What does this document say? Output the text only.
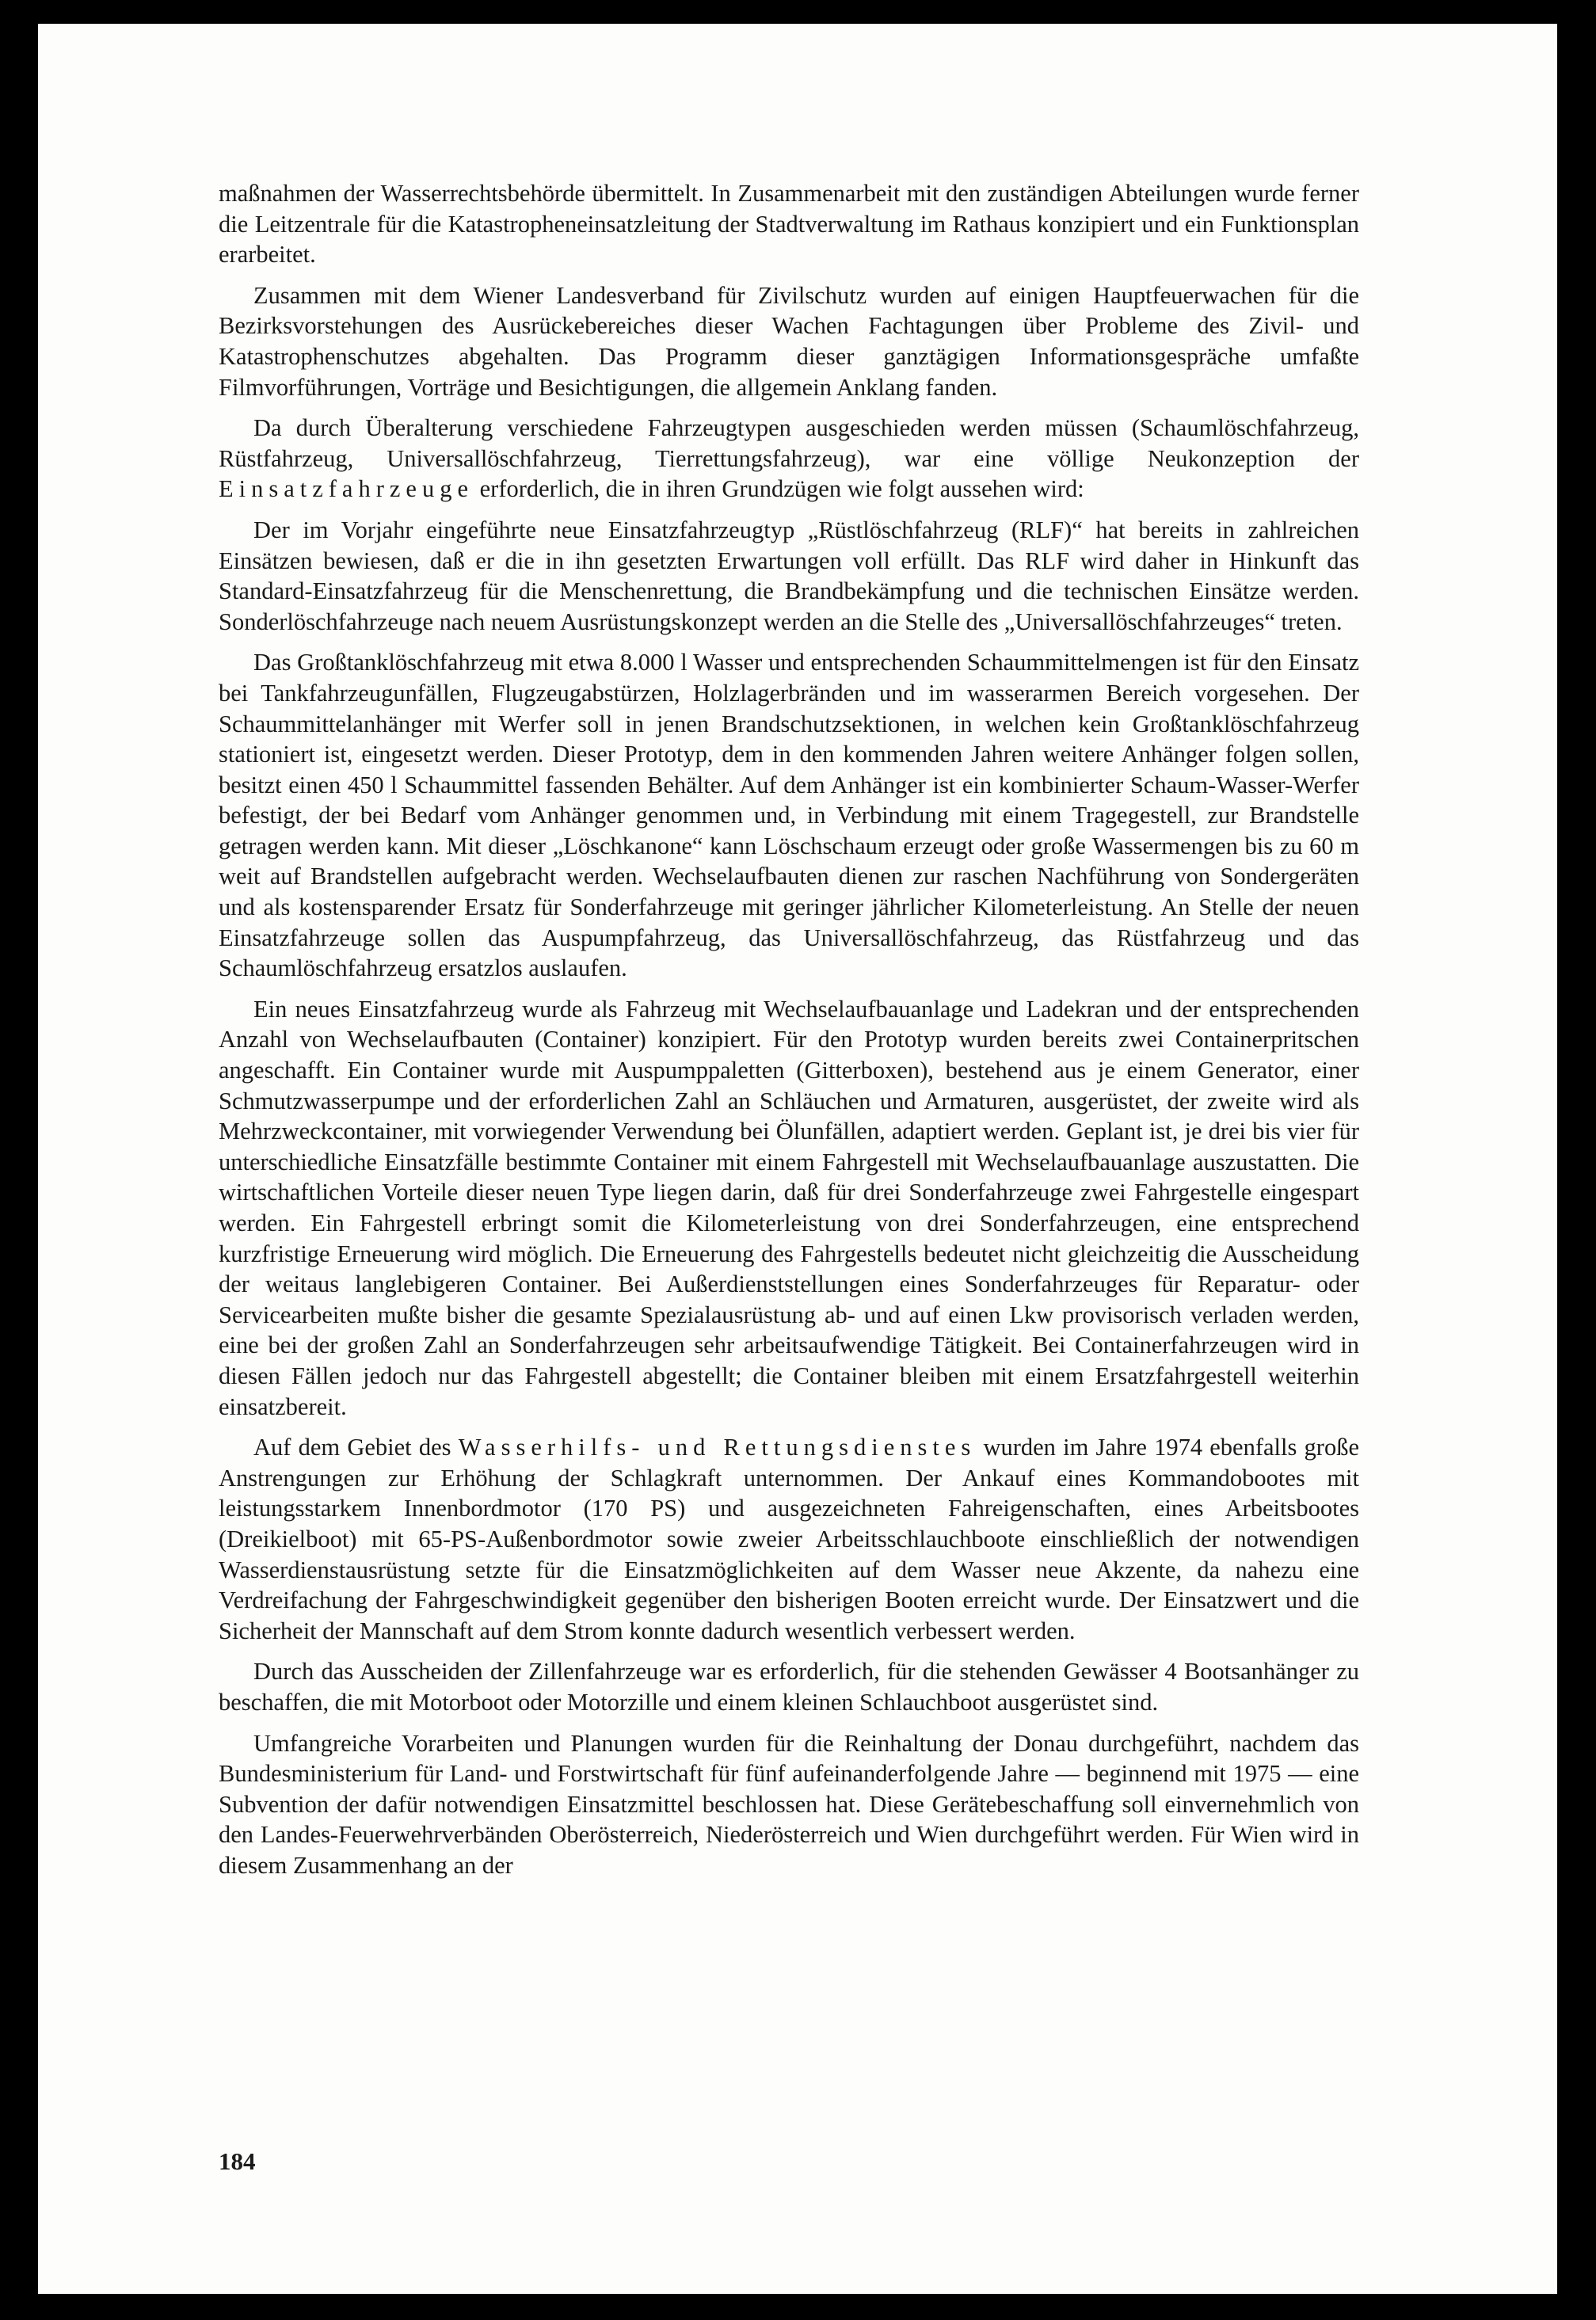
maßnahmen der Wasserrechtsbehörde übermittelt. In Zusammenarbeit mit den zuständigen Abteilungen wurde ferner die Leitzentrale für die Katastropheneinsatzleitung der Stadtverwaltung im Rathaus konzipiert und ein Funktionsplan erarbeitet.

Zusammen mit dem Wiener Landesverband für Zivilschutz wurden auf einigen Hauptfeuerwachen für die Bezirksvorstehungen des Ausrückebereiches dieser Wachen Fachtagungen über Probleme des Zivil- und Katastrophenschutzes abgehalten. Das Programm dieser ganztägigen Informationsgespräche umfaßte Filmvorführungen, Vorträge und Besichtigungen, die allgemein Anklang fanden.

Da durch Überalterung verschiedene Fahrzeugtypen ausgeschieden werden müssen (Schaumlöschfahrzeug, Rüstfahrzeug, Universallöschfahrzeug, Tierrettungsfahrzeug), war eine völlige Neukonzeption der Einsatzfahrzeuge erforderlich, die in ihren Grundzügen wie folgt aussehen wird:

Der im Vorjahr eingeführte neue Einsatzfahrzeugtyp „Rüstlöschfahrzeug (RLF)“ hat bereits in zahlreichen Einsätzen bewiesen, daß er die in ihn gesetzten Erwartungen voll erfüllt. Das RLF wird daher in Hinkunft das Standard-Einsatzfahrzeug für die Menschenrettung, die Brandbekämpfung und die technischen Einsätze werden. Sonderlöschfahrzeuge nach neuem Ausrüstungskonzept werden an die Stelle des „Universallöschfahrzeuges“ treten.

Das Großtanklöschfahrzeug mit etwa 8.000 l Wasser und entsprechenden Schaummittelmengen ist für den Einsatz bei Tankfahrzeugunfällen, Flugzeugabstürzen, Holzlagerbränden und im wasserarmen Bereich vorgesehen. Der Schaummittelanhänger mit Werfer soll in jenen Brandschutzsektionen, in welchen kein Großtanklöschfahrzeug stationiert ist, eingesetzt werden. Dieser Prototyp, dem in den kommenden Jahren weitere Anhänger folgen sollen, besitzt einen 450 l Schaummittel fassenden Behälter. Auf dem Anhänger ist ein kombinierter Schaum-Wasser-Werfer befestigt, der bei Bedarf vom Anhänger genommen und, in Verbindung mit einem Tragegestell, zur Brandstelle getragen werden kann. Mit dieser „Löschkanone“ kann Löschschaum erzeugt oder große Wassermengen bis zu 60 m weit auf Brandstellen aufgebracht werden. Wechselaufbauten dienen zur raschen Nachführung von Sondergeräten und als kostensparender Ersatz für Sonderfahrzeuge mit geringer jährlicher Kilometerleistung. An Stelle der neuen Einsatzfahrzeuge sollen das Auspumpfahrzeug, das Universallöschfahrzeug, das Rüstfahrzeug und das Schaumlöschfahrzeug ersatzlos auslaufen.

Ein neues Einsatzfahrzeug wurde als Fahrzeug mit Wechselaufbauanlage und Ladekran und der entsprechenden Anzahl von Wechselaufbauten (Container) konzipiert. Für den Prototyp wurden bereits zwei Containerpritschen angeschafft. Ein Container wurde mit Auspumppaletten (Gitterboxen), bestehend aus je einem Generator, einer Schmutzwasserpumpe und der erforderlichen Zahl an Schläuchen und Armaturen, ausgerüstet, der zweite wird als Mehrzweckcontainer, mit vorwiegender Verwendung bei Ölunfällen, adaptiert werden. Geplant ist, je drei bis vier für unterschiedliche Einsatzfälle bestimmte Container mit einem Fahrgestell mit Wechselaufbauanlage auszustatten. Die wirtschaftlichen Vorteile dieser neuen Type liegen darin, daß für drei Sonderfahrzeuge zwei Fahrgestelle eingespart werden. Ein Fahrgestell erbringt somit die Kilometerleistung von drei Sonderfahrzeugen, eine entsprechend kurzfristige Erneuerung wird möglich. Die Erneuerung des Fahrgestells bedeutet nicht gleichzeitig die Ausscheidung der weitaus langlebigeren Container. Bei Außerdienststellungen eines Sonderfahrzeuges für Reparatur- oder Servicearbeiten mußte bisher die gesamte Spezialausrüstung ab- und auf einen Lkw provisorisch verladen werden, eine bei der großen Zahl an Sonderfahrzeugen sehr arbeitsaufwendige Tätigkeit. Bei Containerfahrzeugen wird in diesen Fällen jedoch nur das Fahrgestell abgestellt; die Container bleiben mit einem Ersatzfahrgestell weiterhin einsatzbereit.

Auf dem Gebiet des Wasserhilfs- und Rettungsdienstes wurden im Jahre 1974 ebenfalls große Anstrengungen zur Erhöhung der Schlagkraft unternommen. Der Ankauf eines Kommandobootes mit leistungsstarkem Innenbordmotor (170 PS) und ausgezeichneten Fahreigenschaften, eines Arbeitsbootes (Dreikielboot) mit 65-PS-Außenbordmotor sowie zweier Arbeitsschlauchboote einschließlich der notwendigen Wasserdienstausrüstung setzte für die Einsatzmöglichkeiten auf dem Wasser neue Akzente, da nahezu eine Verdreifachung der Fahrgeschwindigkeit gegenüber den bisherigen Booten erreicht wurde. Der Einsatzwert und die Sicherheit der Mannschaft auf dem Strom konnte dadurch wesentlich verbessert werden.

Durch das Ausscheiden der Zillenfahrzeuge war es erforderlich, für die stehenden Gewässer 4 Bootsanhänger zu beschaffen, die mit Motorboot oder Motorzille und einem kleinen Schlauchboot ausgerüstet sind.

Umfangreiche Vorarbeiten und Planungen wurden für die Reinhaltung der Donau durchgeführt, nachdem das Bundesministerium für Land- und Forstwirtschaft für fünf aufeinanderfolgende Jahre — beginnend mit 1975 — eine Subvention der dafür notwendigen Einsatzmittel beschlossen hat. Diese Gerätebeschaffung soll einvernehmlich von den Landes-Feuerwehrverbänden Oberösterreich, Niederösterreich und Wien durchgeführt werden. Für Wien wird in diesem Zusammenhang an der

184
